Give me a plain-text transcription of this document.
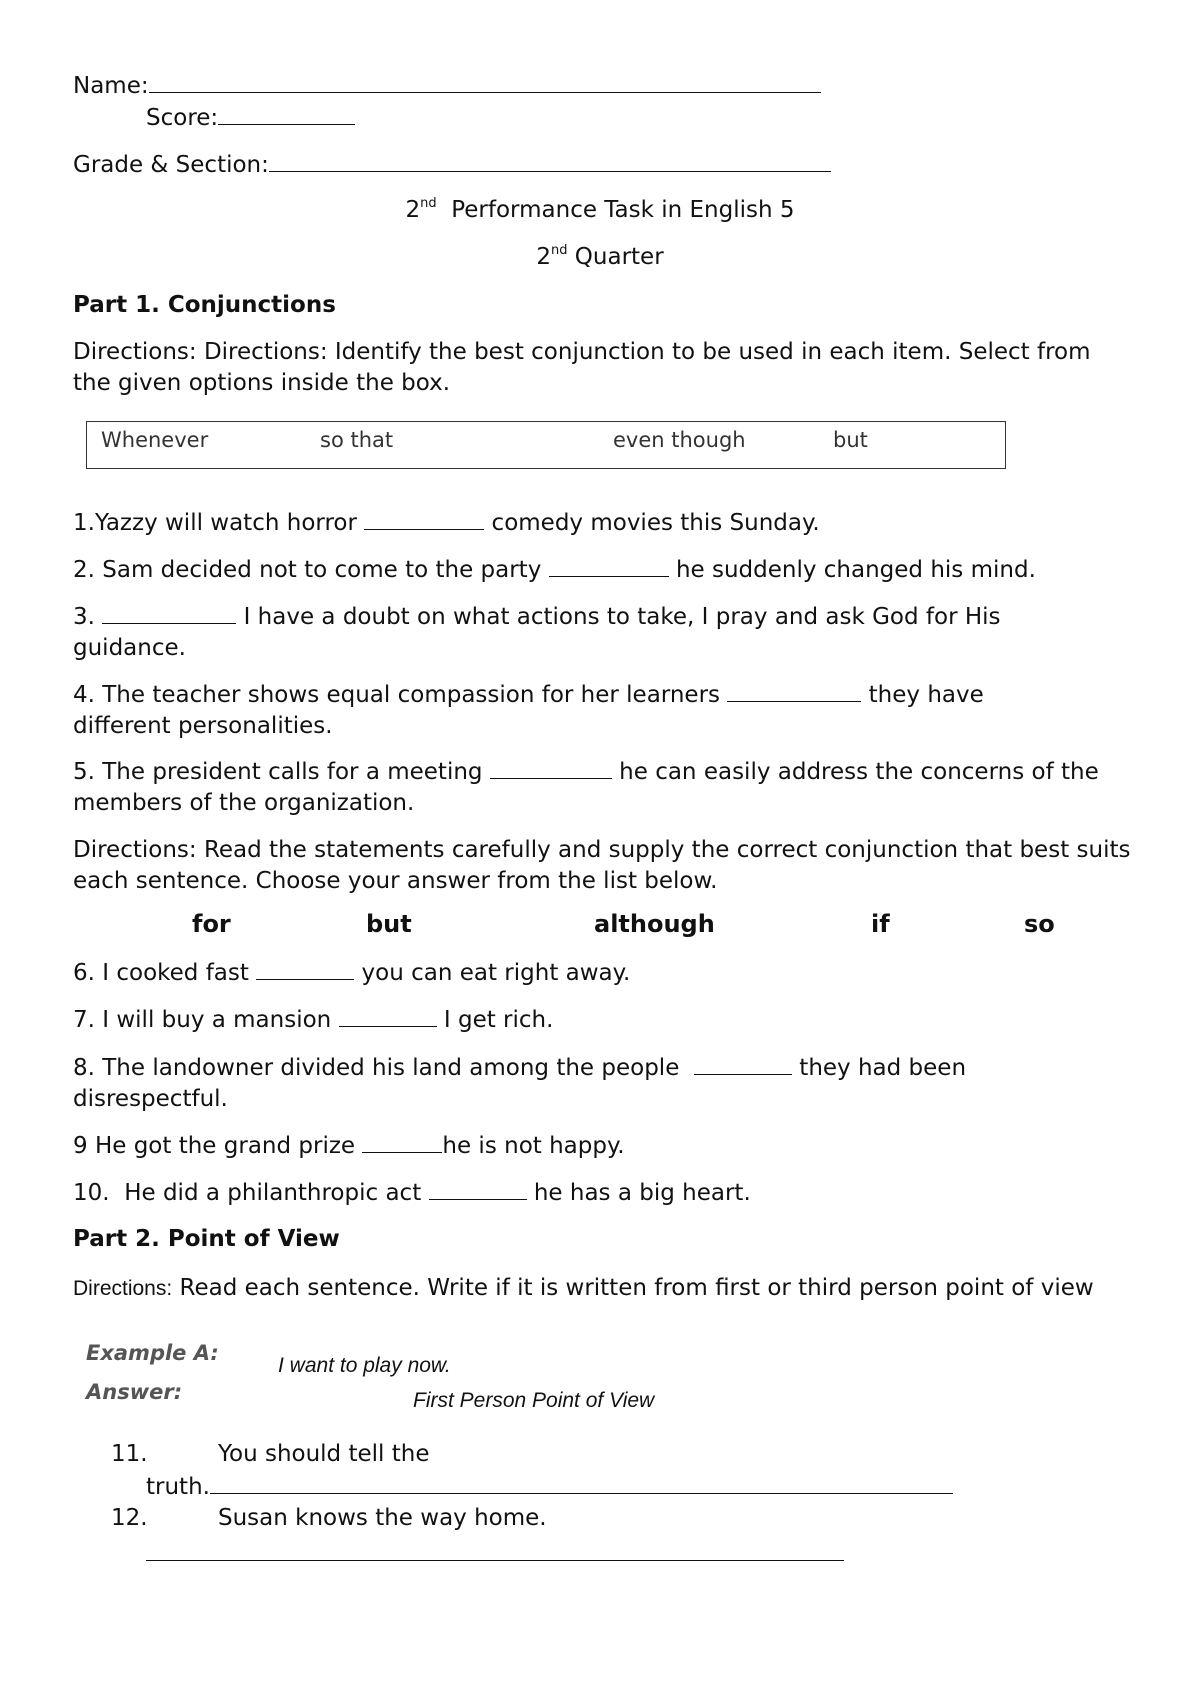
Name:
Score:
Grade & Section:
2nd Performance Task in English 5
2nd Quarter
Part 1. Conjunctions
Directions: Directions: Identify the best conjunction to be used in each item. Select from the given options inside the box.
Whenever	so that	even though	but
1.Yazzy will watch horror	comedy movies this Sunday.
2. Sam decided not to come to the party	he suddenly changed his mind.
3.	I have a doubt on what actions to take, I pray and ask God for His guidance.
4. The teacher shows equal compassion for her learners	they have different personalities.
5. The president calls for a meeting	he can easily address the concerns of the members of the organization.
Directions: Read the statements carefully and supply the correct conjunction that best suits each sentence. Choose your answer from the list below.
for	but	although	if	so
6. I cooked fast	you can eat right away.
7. I will buy a mansion	I get rich.
8. The landowner divided his land among the people	they had been disrespectful.
9 He got the grand prize	he is not happy.
10.  He did a philanthropic act	he has a big heart.
Part 2. Point of View
Directions: Read each sentence. Write if it is written from first or third person point of view
Example A:
I want to play now.
Answer:	First Person Point of View
11.	You should tell the
truth.
12.	Susan knows the way home.
